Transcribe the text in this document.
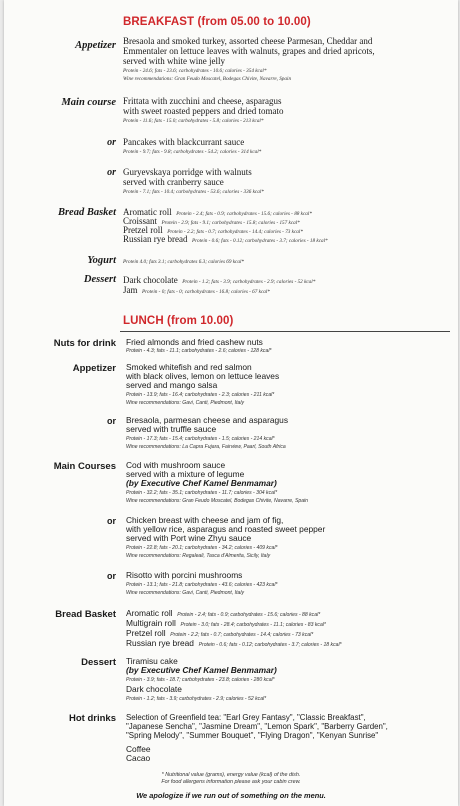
BREAKFAST (from 05.00 to 10.00)
Appetizer Bresaola and smoked turkey, assorted cheese Parmesan, Cheddar and
Emmentaler on lettuce leaves with walnuts, grapes and dried apricots,
served with white wine jelly
Protein - 24.6; fats - 23.6; carbohydrates - 10.6; calories - 354 kcal*
Wine recommendations: Gran Feudo Moscatel, Bodegas Chivite, Navarre, Spain
Main course Frittata with zucchini and cheese, asparagus
with sweet roasted peppers and dried tomato
Protein - 11.6; fats - 15.0; carbohydrates - 5.8; calories - 213 kcal*
or Pancakes with blackcurrant sauce
Protein - 9.7; fats - 9.8; carbohydrates - 54.2; calories - 314 kcal*
or Guryevskaya porridge with walnuts
served with cranberry sauce
Protein - 7.1; fats - 10.4; carbohydrates - 53.6; calories - 336 kcal*
Bread Basket Aromatic roll Protein - 2.4; fats - 0.9; carbohydrates - 15.6; calories - 88 kcal*
Croissant Protein - 2.9; fats - 9.1; carbohydrates - 15.8; calories - 157 kcal*
Pretzel roll Protein - 2.2; fats - 0.7; carbohydrates - 14.4; calories - 73 kcal*
Russian rye bread Protein - 0.6; fats - 0.12; carbohydrates - 3.7; calories - 18 kcal*
Yogurt Protein 4.0; fats 3.1; carbohydrates 6.3; calories 69 kcal*
Dessert Dark chocolate Protein - 1.2; fats - 3.9; carbohydrates - 2.9; calories - 52 kcal*
Jam Protein - 0; fats - 0; carbohydrates - 16.8; calories - 67 kcal*
LUNCH (from 10.00)
Nuts for drink Fried almonds and fried cashew nuts
Protein - 4.3; fats - 11.1; carbohydrates - 2.6; calories - 128 kcal*
Appetizer Smoked whitefish and red salmon
with black olives, lemon on lettuce leaves
served and mango salsa
Protein - 13.9; fats - 16.4; carbohydrates - 2.3; calories - 211 kcal*
Wine recommendations: Gavi, Canti, Piedmont, Italy
or Bresaola, parmesan cheese and asparagus
served with truffle sauce
Protein - 17.3; fats - 15.4; carbohydrates - 1.5; calories - 214 kcal*
Wine recommendations: La Capra Fujara, Fairview, Paarl, South Africa
Main Courses Cod with mushroom sauce
served with a mixture of legume
(by Executive Chef Kamel Benmamar)
Protein - 32.2; fats - 35.1; carbohydrates - 11.7; calories - 304 kcal*
Wine recommendations: Gran Feudo Moscatel, Bodegas Chivite, Navarre, Spain
or Chicken breast with cheese and jam of fig,
with yellow rice, asparagus and roasted sweet pepper
served with Port wine Zhyu sauce
Protein - 22.8; fats - 20.1; carbohydrates - 34.2; calories - 409 kcal*
Wine recommendations: Regaleali, Tasca d'Almerita, Sicily, Italy
or Risotto with porcini mushrooms
Protein - 13.1; fats - 21.8; carbohydrates - 43.6; calories - 423 kcal*
Wine recommendations: Gavi, Canti, Piedmont, Italy
Bread Basket Aromatic roll Protein - 2.4; fats - 0.9; carbohydrates - 15.6; calories - 88 kcal*
Multigrain roll Protein - 3.0; fats - 28.4; carbohydrates - 11.1; calories - 83 kcal*
Pretzel roll Protein - 2.2; fats - 0.7; carbohydrates - 14.4; calories - 73 kcal*
Russian rye bread Protein - 0.6; fats - 0.12; carbohydrates - 3.7; calories - 18 kcal*
Dessert Tiramisu cake
(by Executive Chef Kamel Benmamar)
Protein - 3.9; fats - 18.7; carbohydrates - 23.8; calories - 280 kcal*
Dark chocolate
Protein - 1.2; fats - 3.9; carbohydrates - 2.9; calories - 52 kcal*
Hot drinks Selection of Greenfield tea: "Earl Grey Fantasy", "Classic Breakfast",
"Japanese Sencha", "Jasmine Dream", "Lemon Spark", "Barberry Garden",
"Spring Melody", "Summer Bouquet", "Flying Dragon", "Kenyan Sunrise"
Coffee
Cacao
* Nutritional value (grams), energy value (kcal) of the dish.
For food allergens information please ask your cabin crew.
We apologize if we run out of something on the menu.
